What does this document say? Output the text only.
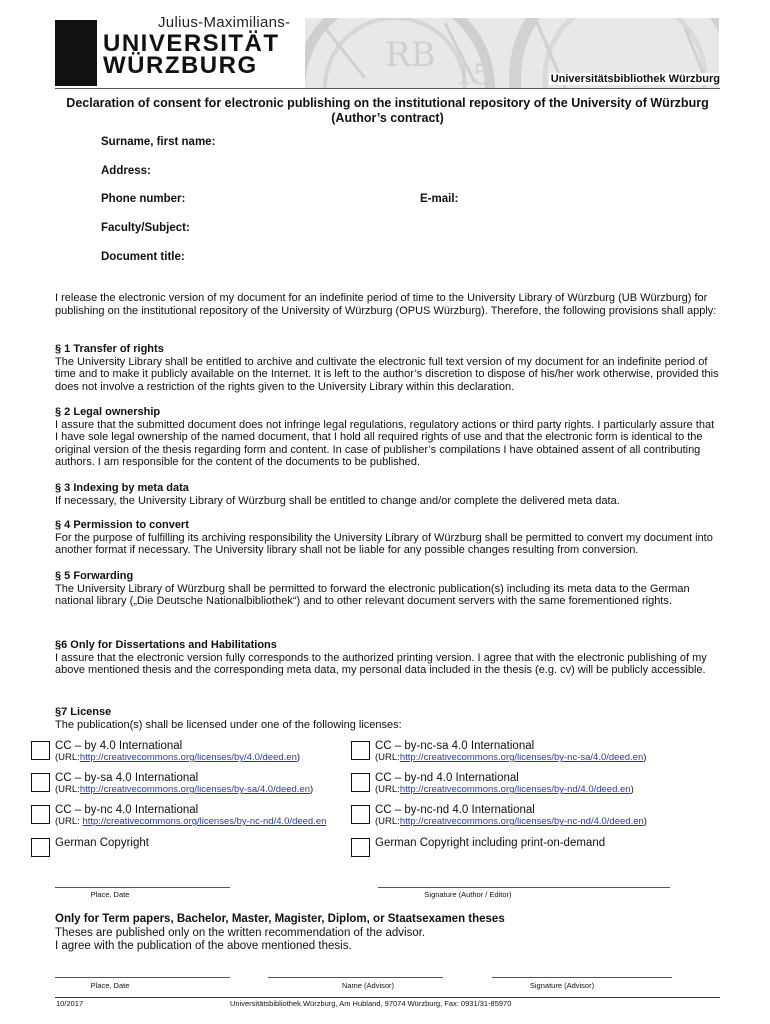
Julius-Maximilians-
UNIVERSITÄT
WÜRZBURG	RB 15	Universitätsbibliothek Würzburg
Declaration of consent for electronic publishing on the institutional repository of the University of Würzburg
(Author’s contract)
Surname, first name:
Address:
Phone number:	E-mail:
Faculty/Subject:
Document title:
I release the electronic version of my document for an indefinite period of time to the University Library of Würzburg (UB Würzburg) for publishing on the institutional repository of the University of Würzburg (OPUS Würzburg). Therefore, the following provisions shall apply:
§ 1 Transfer of rights
The University Library shall be entitled to archive and cultivate the electronic full text version of my document for an indefinite period of time and to make it publicly available on the Internet. It is left to the author’s discretion to dispose of his/her work otherwise, provided this does not involve a restriction of the rights given to the University Library within this declaration.
§ 2 Legal ownership
I assure that the submitted document does not infringe legal regulations, regulatory actions or third party rights. I particularly assure that I have sole legal ownership of the named document, that I hold all required rights of use and that the electronic form is identical to the original version of the thesis regarding form and content. In case of publisher’s compilations I have obtained assent of all contributing authors. I am responsible for the content of the documents to be published.
§ 3 Indexing by meta data
If necessary, the University Library of Würzburg shall be entitled to change and/or complete the delivered meta data.
§ 4 Permission to convert
For the purpose of fulfilling its archiving responsibility the University Library of Würzburg shall be permitted to convert my document into another format if necessary. The University library shall not be liable for any possible changes resulting from conversion.
§ 5 Forwarding
The University Library of Würzburg shall be permitted to forward the electronic publication(s) including its meta data to the German national library („Die Deutsche Nationalbibliothek“) and to other relevant document servers with the same forementioned rights.
§6 Only for Dissertations and Habilitations
I assure that the electronic version fully corresponds to the authorized printing version. I agree that with the electronic publishing of my above mentioned thesis and the corresponding meta data, my personal data included in the thesis (e.g. cv) will be publicly accessible.
§7 License
The publication(s) shall be licensed under one of the following licenses:
CC – by 4.0 International
(URL:http://creativecommons.org/licenses/by/4.0/deed.en)
CC – by-nc-sa 4.0 International
(URL:http://creativecommons.org/licenses/by-nc-sa/4.0/deed.en)
CC – by-sa 4.0 International
(URL:http://creativecommons.org/licenses/by-sa/4.0/deed.en)
CC – by-nd 4.0 International
(URL:http://creativecommons.org/licenses/by-nd/4.0/deed.en)
CC – by-nc 4.0 International
(URL: http://creativecommons.org/licenses/by-nc-nd/4.0/deed.en
CC – by-nc-nd 4.0 International
(URL:http://creativecommons.org/licenses/by-nc-nd/4.0/deed.en)
German Copyright	German Copyright including print-on-demand
Place, Date	Signature (Author / Editor)
Only for Term papers, Bachelor, Master, Magister, Diplom, or Staatsexamen theses
Theses are published only on the written recommendation of the advisor.
I agree with the publication of the above mentioned thesis.
Place, Date	Name (Advisor)	Signature (Advisor)
10/2017	Universitätsbibliothek Würzburg, Am Hubland, 97074 Würzburg, Fax: 0931/31-85970
